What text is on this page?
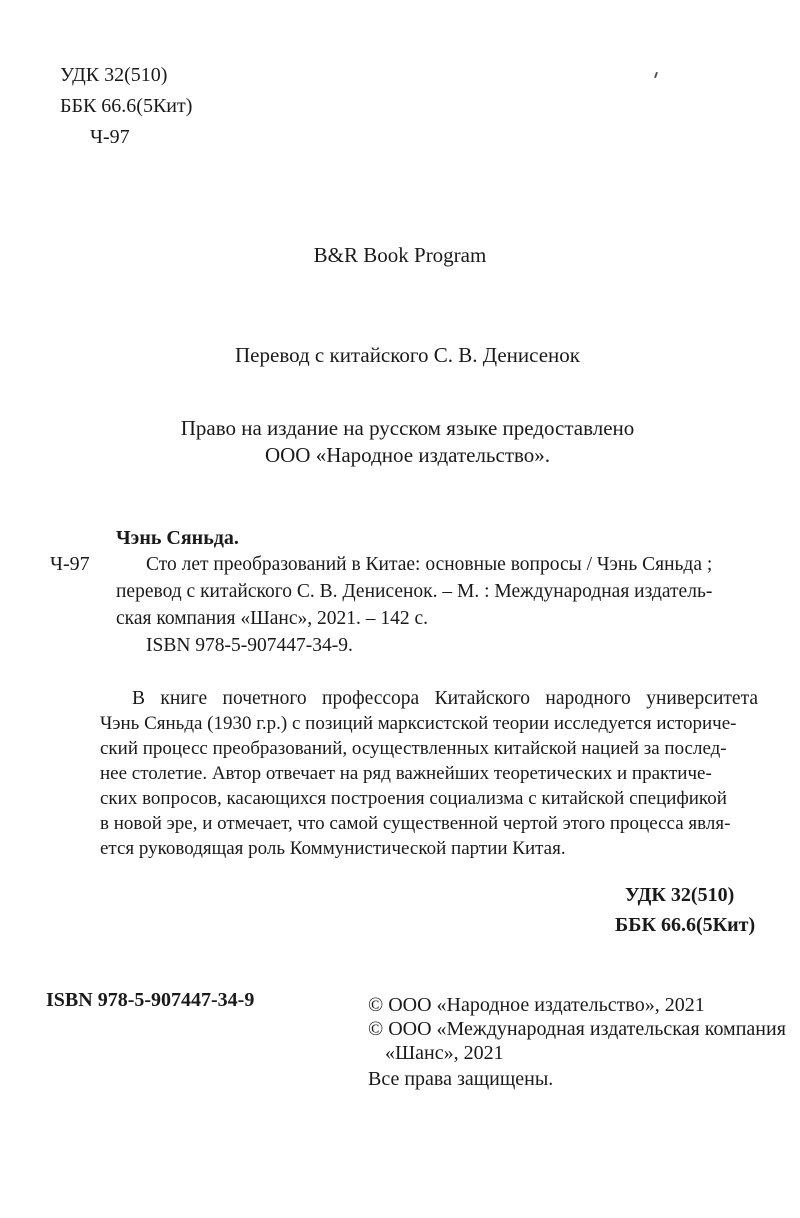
УДК 32(510)
ББК 66.6(5Кит)
Ч-97
B&R Book Program
Перевод с китайского С. В. Денисенок
Право на издание на русском языке предоставлено
ООО «Народное издательство».
Чэнь Сяньда.
Ч-97	Сто лет преобразований в Китае: основные вопросы / Чэнь Сяньда ;
перевод с китайского С. В. Денисенок. – М. : Международная издатель-
ская компания «Шанс», 2021. – 142 с.
ISBN 978-5-907447-34-9.
В книге почетного профессора Китайского народного университета
Чэнь Сяньда (1930 г.р.) с позиций марксистской теории исследуется историче-
ский процесс преобразований, осуществленных китайской нацией за послед-
нее столетие. Автор отвечает на ряд важнейших теоретических и практиче-
ских вопросов, касающихся построения социализма с китайской спецификой
в новой эре, и отмечает, что самой существенной чертой этого процесса явля-
ется руководящая роль Коммунистической партии Китая.
УДК 32(510)
ББК 66.6(5Кит)
ISBN 978-5-907447-34-9	© ООО «Народное издательство», 2021
© ООО «Международная издательская компания
«Шанс», 2021
Все права защищены.
